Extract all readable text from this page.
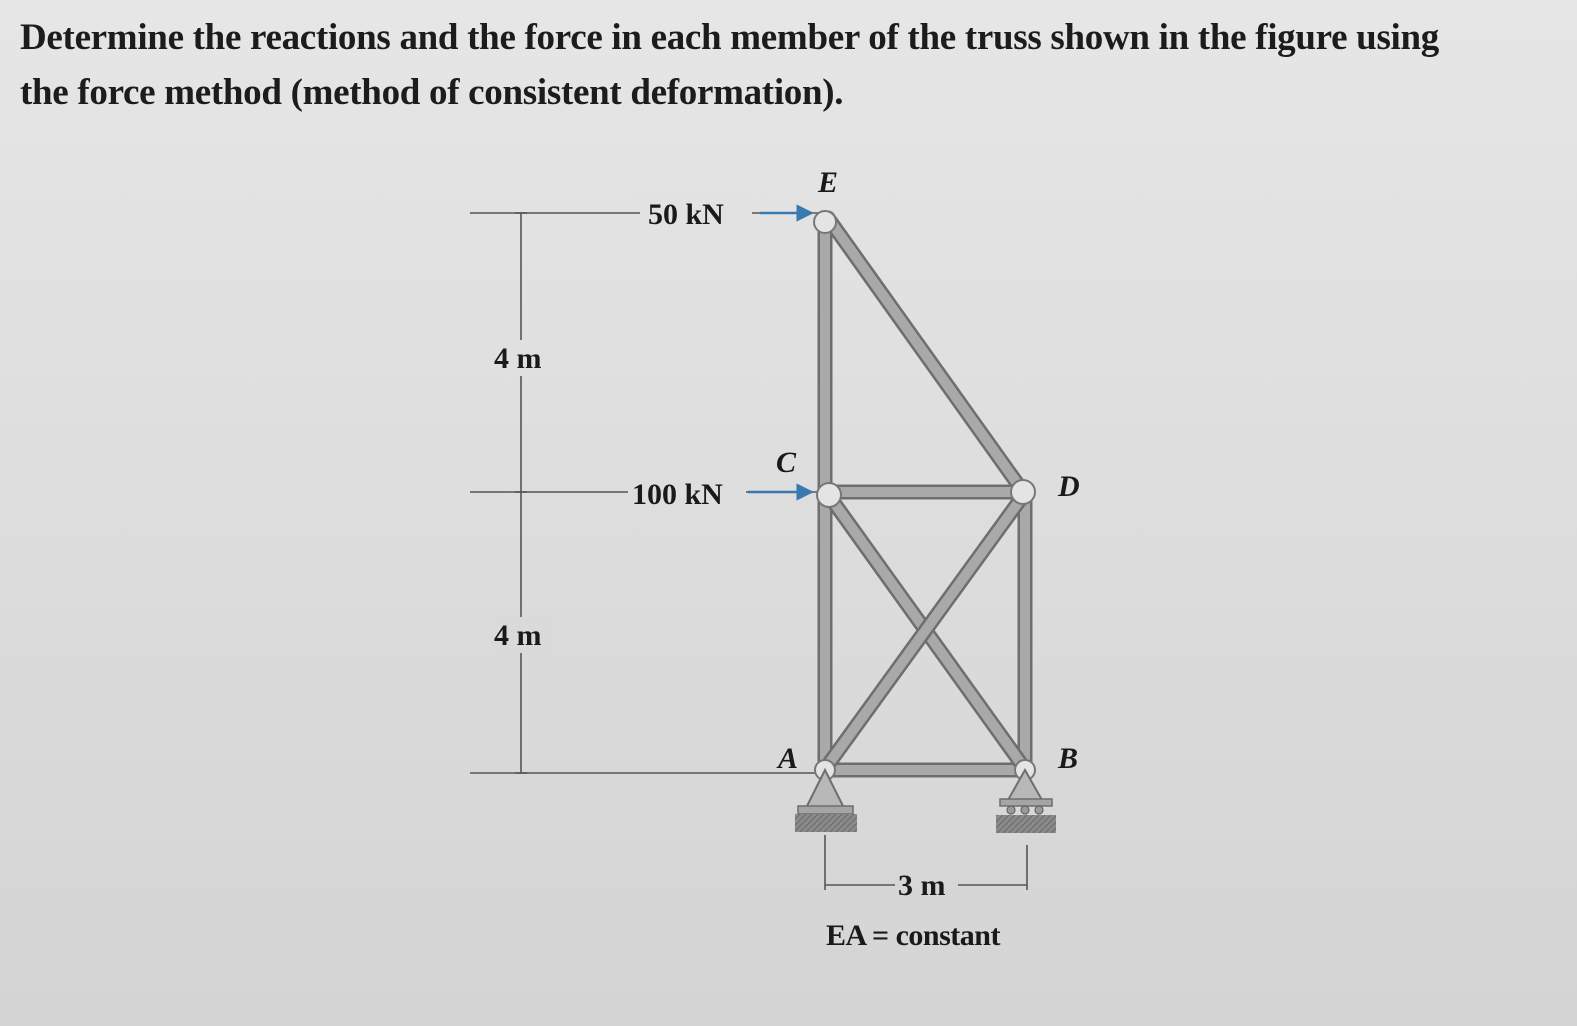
Determine the reactions and the force in each member of the truss shown in the figure using
the force method (method of consistent deformation).
50 kN
100 kN
4 m
4 m
3 m
E
C
D
A	B
EA = constant
